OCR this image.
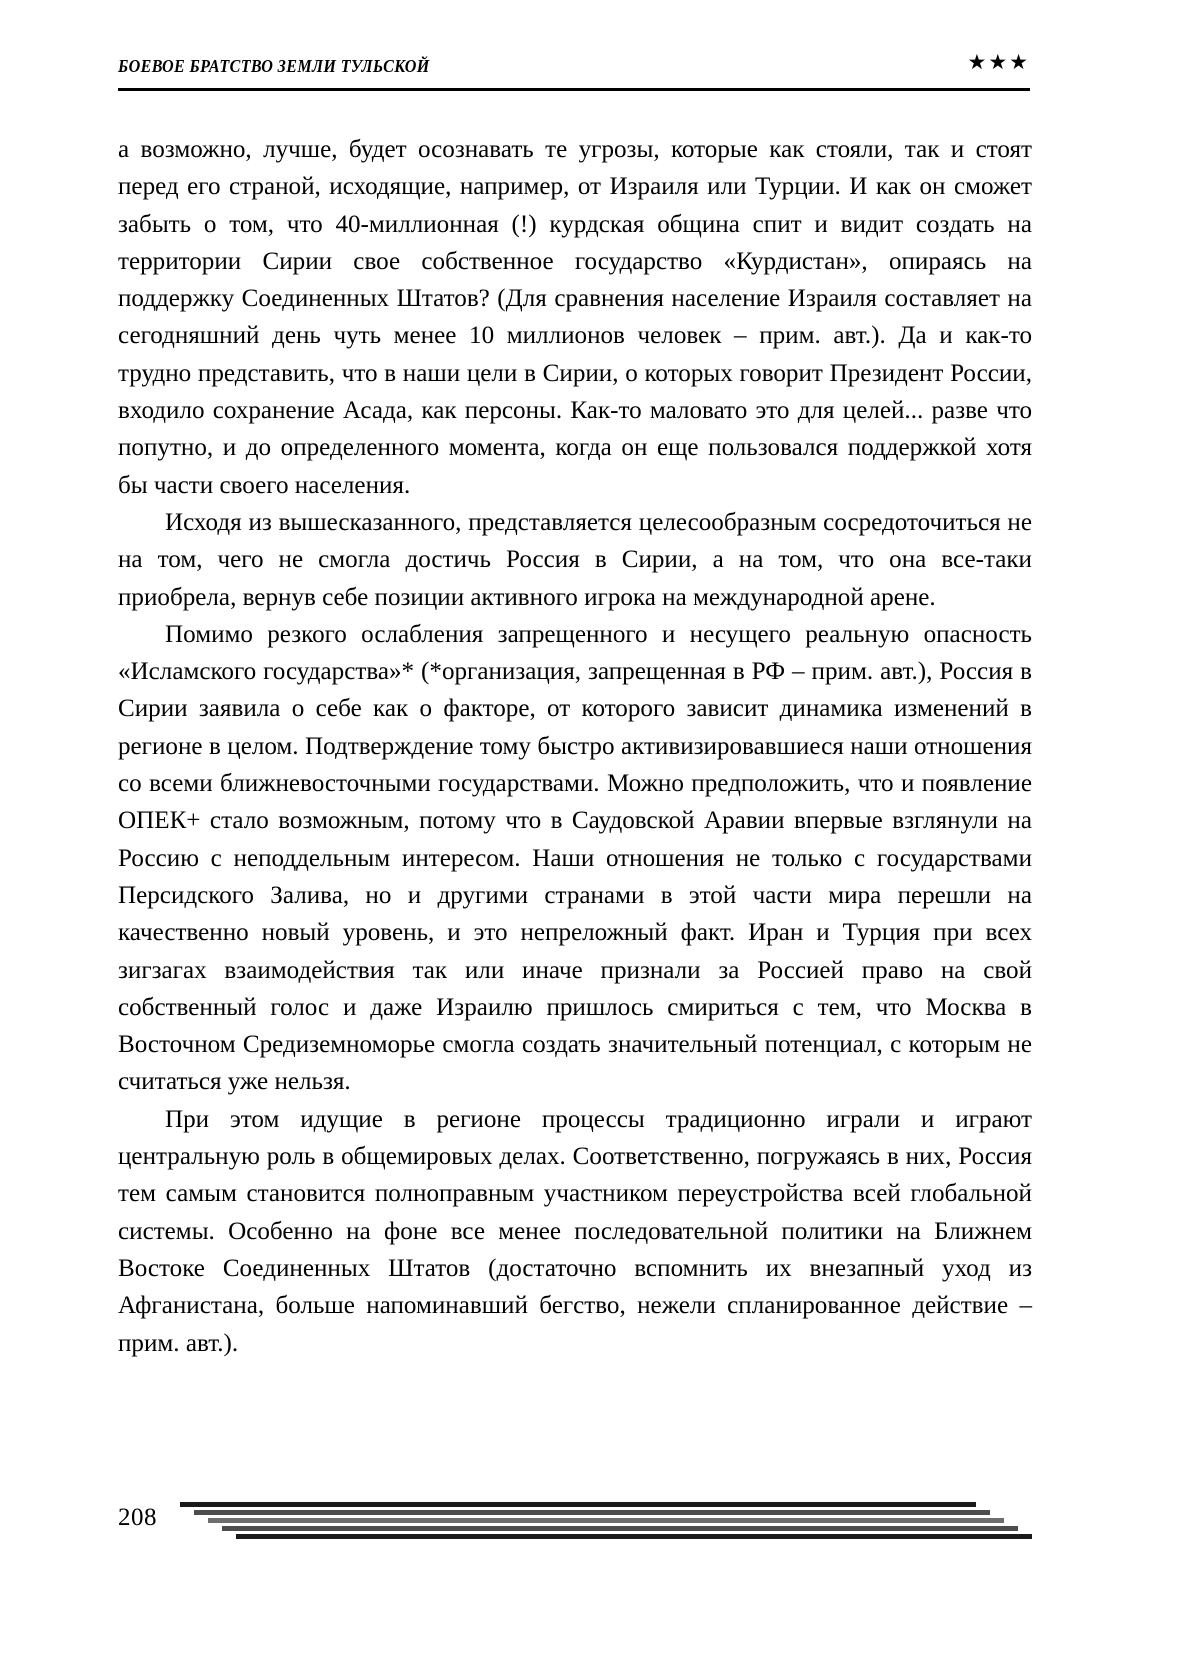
БОЕВОЕ БРАТСТВО ЗЕМЛИ ТУЛЬСКОЙ	★★★

а возможно, лучше, будет осознавать те угрозы, которые как стояли, так и стоят перед его страной, исходящие, например, от Израиля или Турции. И как он сможет забыть о том, что 40-миллионная (!) курдская община спит и видит создать на территории Сирии свое собственное государство «Курдистан», опираясь на поддержку Соединенных Штатов? (Для сравнения население Израиля составляет на сегодняшний день чуть менее 10 миллионов человек – прим. авт.). Да и как-то трудно представить, что в наши цели в Сирии, о которых говорит Президент России, входило сохранение Асада, как персоны. Как-то маловато это для целей... разве что попутно, и до определенного момента, когда он еще пользовался поддержкой хотя бы части своего населения.

Исходя из вышесказанного, представляется целесообразным сосредоточиться не на том, чего не смогла достичь Россия в Сирии, а на том, что она все-таки приобрела, вернув себе позиции активного игрока на международной арене.

Помимо резкого ослабления запрещенного и несущего реальную опасность «Исламского государства»* (*организация, запрещенная в РФ – прим. авт.), Россия в Сирии заявила о себе как о факторе, от которого зависит динамика изменений в регионе в целом. Подтверждение тому быстро активизировавшиеся наши отношения со всеми ближневосточными государствами. Можно предположить, что и появление ОПЕК+ стало возможным, потому что в Саудовской Аравии впервые взглянули на Россию с неподдельным интересом. Наши отношения не только с государствами Персидского Залива, но и другими странами в этой части мира перешли на качественно новый уровень, и это непреложный факт. Иран и Турция при всех зигзагах взаимодействия так или иначе признали за Россией право на свой собственный голос и даже Израилю пришлось смириться с тем, что Москва в Восточном Средиземноморье смогла создать значительный потенциал, с которым не считаться уже нельзя.

При этом идущие в регионе процессы традиционно играли и играют центральную роль в общемировых делах. Соответственно, погружаясь в них, Россия тем самым становится полноправным участником переустройства всей глобальной системы. Особенно на фоне все менее последовательной политики на Ближнем Востоке Соединенных Штатов (достаточно вспомнить их внезапный уход из Афганистана, больше напоминавший бегство, нежели спланированное действие – прим. авт.).

208
